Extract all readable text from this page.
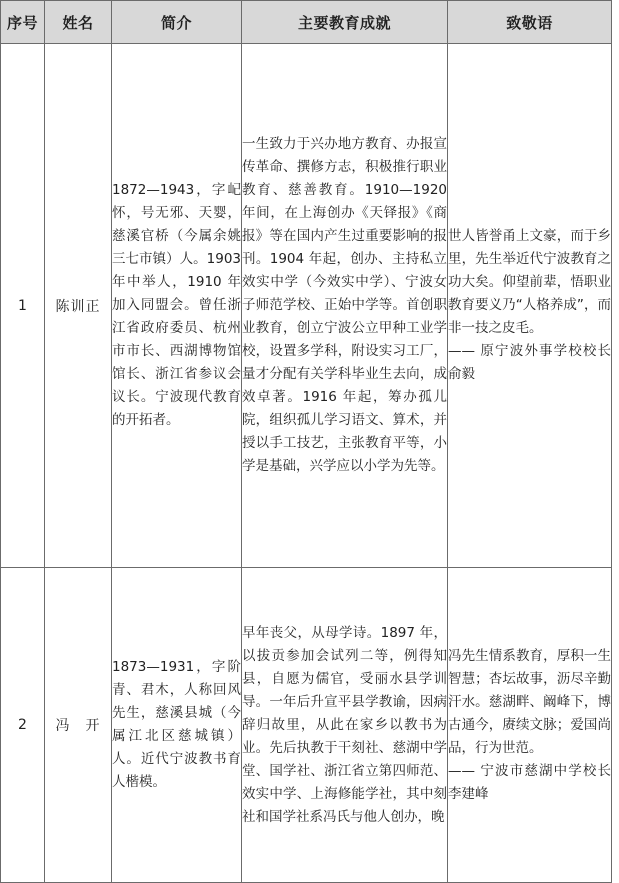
序号	姓名	简介	主要教育成就	致敬语
1	陈训正	1872—1943，字屺怀，号无邪、天婴，慈溪官桥（今属余姚三七市镇）人。1903 年中举人，1910 年加入同盟会。曾任浙江省政府委员、杭州市市长、西湖博物馆馆长、浙江省参议会议长。宁波现代教育的开拓者。	一生致力于兴办地方教育、办报宣传革命、撰修方志，积极推行职业教育、慈善教育。1910—1920 年间，在上海创办《天铎报》《商报》等在国内产生过重要影响的报刊。1904 年起，创办、主持私立效实中学（今效实中学）、宁波女子师范学校、正始中学等。首创职业教育，创立宁波公立甲种工业学校，设置多学科，附设实习工厂，量才分配有关学科毕业生去向，成效卓著。1916 年起，筹办孤儿院，组织孤儿学习语文、算术，并授以手工技艺，主张教育平等，小学是基础，兴学应以小学为先等。	世人皆誉甬上文豪，而于乡里，先生举近代宁波教育之功大矣。仰望前辈，悟职业教育要义乃“人格养成”，而非一技之皮毛。
—— 原宁波外事学校校长俞毅

2	冯　开	1873—1931，字阶青、君木，人称回风先生，慈溪县城（今属江北区慈城镇）人。近代宁波教书育人楷模。	早年丧父，从母学诗。1897 年，以拔贡参加会试列二等，例得知县，自愿为儒官，受丽水县学训导。一年后升宣平县学教谕，因病辞归故里，从此在家乡以教书为业。先后执教于干刻社、慈湖中学堂、国学社、浙江省立第四师范、效实中学、上海修能学社，其中刻社和国学社系冯氏与他人创办，晚	冯先生情系教育，厚积一生智慧；杏坛故事，沥尽辛勤汗水。慈湖畔、阚峰下，博古通今，赓续文脉；爱国尚品，行为世范。
—— 宁波市慈湖中学校长李建峰
